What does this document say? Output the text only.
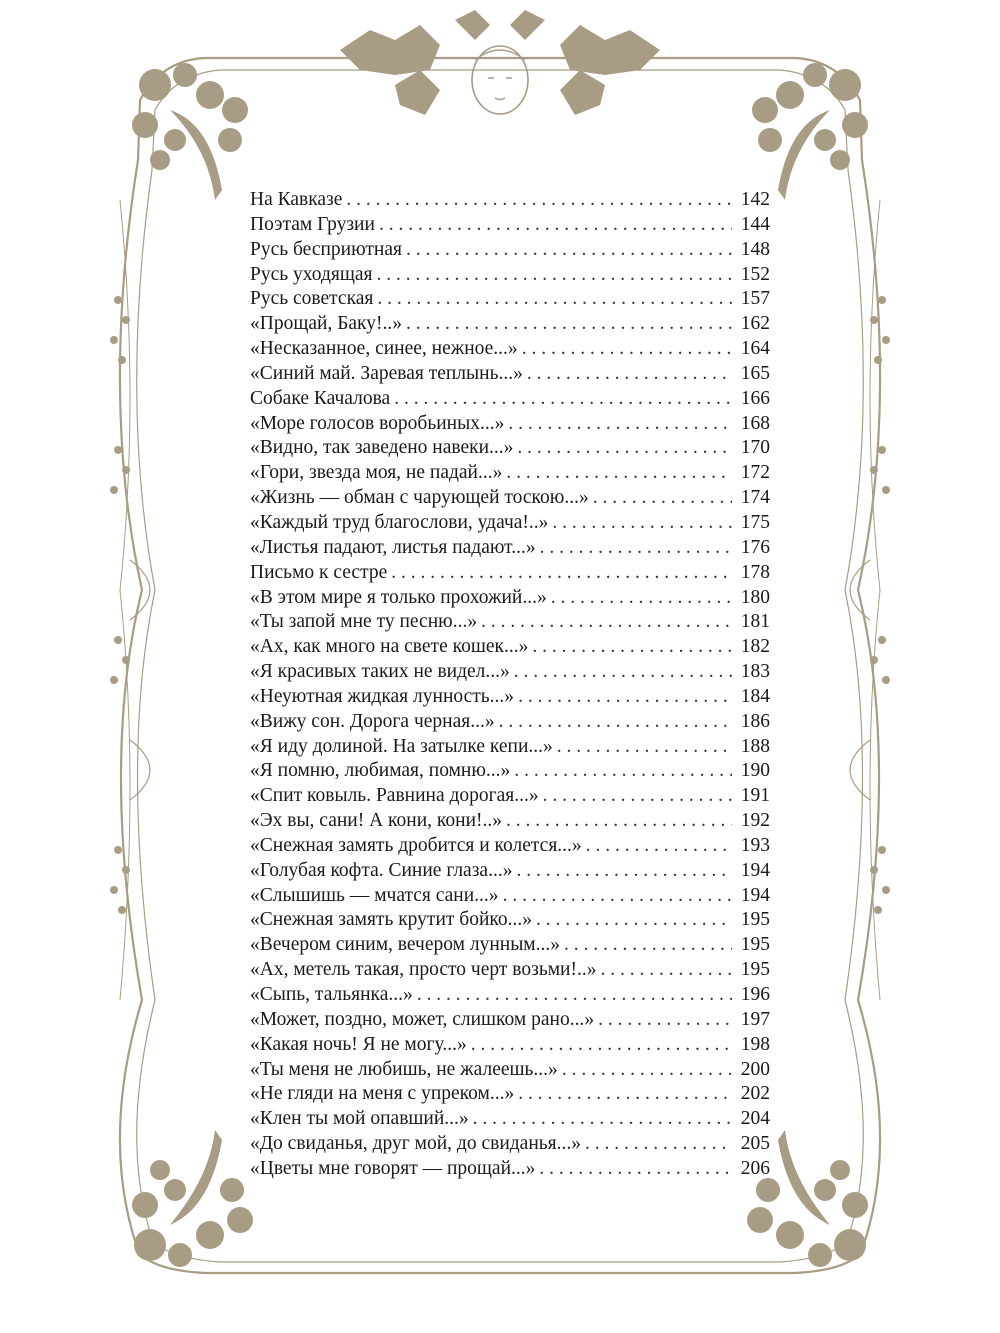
На Кавказе . . .	142
Поэтам Грузии . . .	144
Русь бесприютная . . .	148
Русь уходящая . . .	152
Русь советская . . .	157
«Прощай, Баку!..» . . .	162
«Несказанное, синее, нежное...» . . .	164
«Синий май. Заревая теплынь...» . . .	165
Собаке Качалова . . .	166
«Море голосов воробьиных...» . . .	168
«Видно, так заведено навеки...» . . .	170
«Гори, звезда моя, не падай...» . . .	172
«Жизнь — обман с чарующей тоскою...» . . .	174
«Каждый труд благослови, удача!..» . . .	175
«Листья падают, листья падают...» . . .	176
Письмо к сестре . . .	178
«В этом мире я только прохожий...» . . .	180
«Ты запой мне ту песню...» . . .	181
«Ах, как много на свете кошек...» . . .	182
«Я красивых таких не видел...» . . .	183
«Неуютная жидкая лунность...» . . .	184
«Вижу сон. Дорога черная...» . . .	186
«Я иду долиной. На затылке кепи...» . . .	188
«Я помню, любимая, помню...» . . .	190
«Спит ковыль. Равнина дорогая...» . . .	191
«Эх вы, сани! А кони, кони!..» . . .	192
«Снежная замять дробится и колется...» . . .	193
«Голубая кофта. Синие глаза...» . . .	194
«Слышишь — мчатся сани...» . . .	194
«Снежная замять крутит бойко...» . . .	195
«Вечером синим, вечером лунным...» . . .	195
«Ах, метель такая, просто черт возьми!..» . . .	195
«Сыпь, тальянка...» . . .	196
«Может, поздно, может, слишком рано...» . . .	197
«Какая ночь! Я не могу...» . . .	198
«Ты меня не любишь, не жалеешь...» . . .	200
«Не гляди на меня с упреком...» . . .	202
«Клен ты мой опавший...» . . .	204
«До свиданья, друг мой, до свиданья...» . . .	205
«Цветы мне говорят — прощай...» . . .	206
